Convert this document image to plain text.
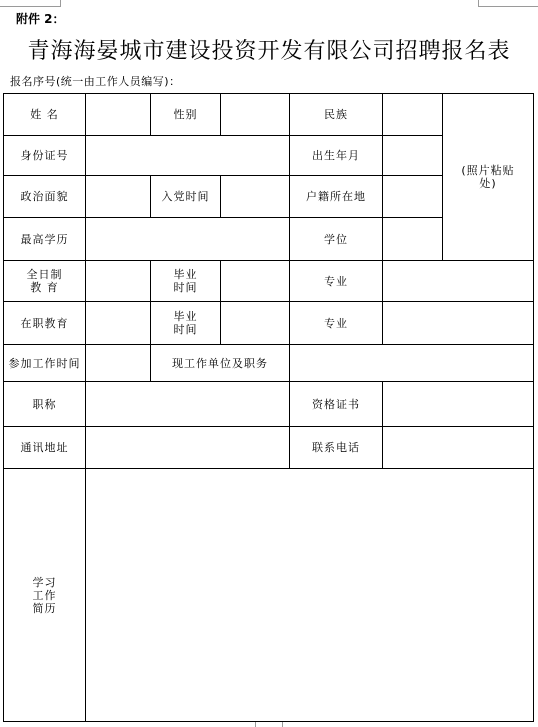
附件 2：
青海海晏城市建设投资开发有限公司招聘报名表
报名序号(统一由工作人员编写)：
姓 名		性别		民族		(照片粘贴处)
身份证号				出生年月		
政治面貌		入党时间		户籍所在地		
最高学历				学位		
全日制 教 育		毕业 时间		专业		
在职教育		毕业 时间		专业		
参加工作时间		现工作单位及职务				
职称				资格证书		
通讯地址				联系电话		
学习 工作 简历						
